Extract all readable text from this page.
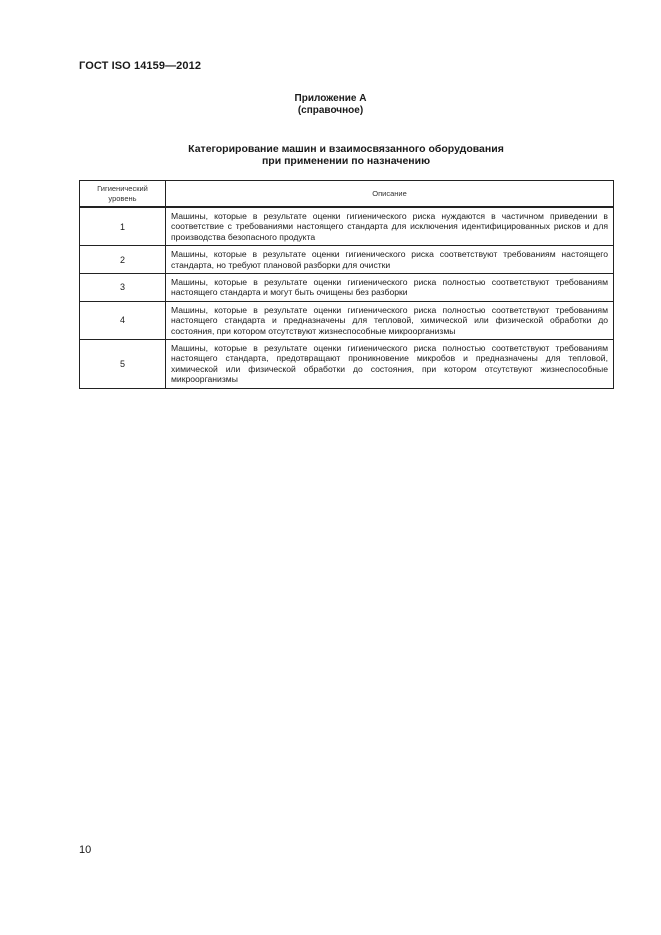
ГОСТ ISO 14159—2012
Приложение А
(справочное)
Категорирование машин и взаимосвязанного оборудования
при применении по назначению
Гигиенический
уровень	Описание
1	Машины, которые в результате оценки гигиенического риска нуждаются в частичном приведении в соответствие с требованиями настоящего стандарта для исключения идентифицированных рисков и для производства безопасного продукта
2	Машины, которые в результате оценки гигиенического риска соответствуют требованиям настоящего стандарта, но требуют плановой разборки для очистки
3	Машины, которые в результате оценки гигиенического риска полностью соответствуют требованиям настоящего стандарта и могут быть очищены без разборки
4	Машины, которые в результате оценки гигиенического риска полностью соответствуют требованиям настоящего стандарта и предназначены для тепловой, химической или физической обработки до состояния, при котором отсутствуют жизнеспособные микроорганизмы
5	Машины, которые в результате оценки гигиенического риска полностью соответствуют требованиям настоящего стандарта, предотвращают проникновение микробов и предназначены для тепловой, химической или физической обработки до состояния, при котором отсутствуют жизнеспособные микроорганизмы
10
